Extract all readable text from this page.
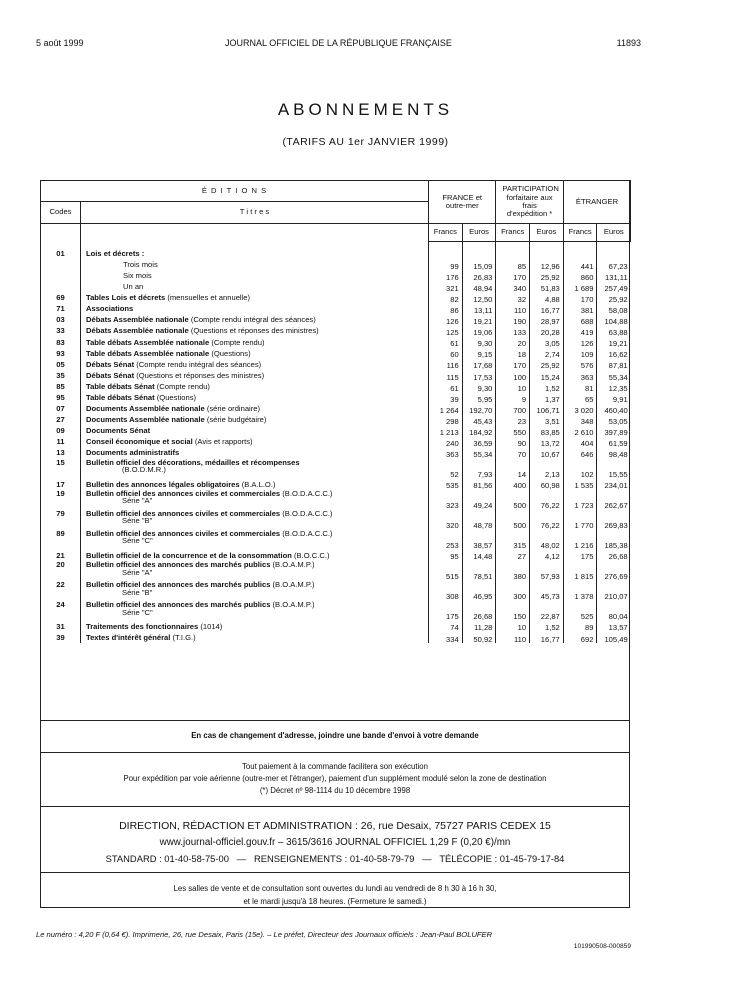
5 août 1999	JOURNAL OFFICIEL DE LA RÉPUBLIQUE FRANÇAISE	11893
ABONNEMENTS
(TARIFS AU 1er JANVIER 1999)
É D I T I O N S		FRANCE et outre-mer		PARTICIPATION forfaitaire aux frais d'expédition *		ÉTRANGER	
Codes	T i t r e s						
		Francs	Euros	Francs	Euros	Francs	Euros

01	Lois et décrets :						
	Trois mois	99	15,09	85	12,96	441	67,23
	Six mois	176	26,83	170	25,92	860	131,11
	Un an	321	48,94	340	51,83	1 689	257,49
69	Tables Lois et décrets (mensuelles et annuelle)	82	12,50	32	4,88	170	25,92
71	Associations	86	13,11	110	16,77	381	58,08
03	Débats Assemblée nationale (Compte rendu intégral des séances)	126	19,21	190	28,97	688	104,88
33	Débats Assemblée nationale (Questions et réponses des ministres)	125	19,06	133	20,28	419	63,88
83	Table débats Assemblée nationale (Compte rendu)	61	9,30	20	3,05	126	19,21
93	Table débats Assemblée nationale (Questions)	60	9,15	18	2,74	109	16,62
05	Débats Sénat (Compte rendu intégral des séances)	116	17,68	170	25,92	576	87,81
35	Débats Sénat (Questions et réponses des ministres)	115	17,53	100	15,24	363	55,34
85	Table débats Sénat (Compte rendu)	61	9,30	10	1,52	81	12,35
95	Table débats Sénat (Questions)	39	5,95	9	1,37	65	9,91
07	Documents Assemblée nationale (série ordinaire)	1 264	192,70	700	106,71	3 020	460,40
27	Documents Assemblée nationale (série budgétaire)	298	45,43	23	3,51	348	53,05
09	Documents Sénat	1 213	184,92	550	83,85	2 610	397,89
11	Conseil économique et social (Avis et rapports)	240	36,59	90	13,72	404	61,59
13	Documents administratifs	363	55,34	70	10,67	646	98,48
15	Bulletin officiel des décorations, médailles et récompenses
(B.O.D.M.R.)	52	7,93	14	2,13	102	15,55
17	Bulletin des annonces légales obligatoires (B.A.L.O.)	535	81,56	400	60,98	1 535	234,01
19	Bulletin officiel des annonces civiles et commerciales (B.O.D.A.C.C.)
Série "A"	323	49,24	500	76,22	1 723	262,67
79	Bulletin officiel des annonces civiles et commerciales (B.O.D.A.C.C.)
Série "B"	320	48,78	500	76,22	1 770	269,83
89	Bulletin officiel des annonces civiles et commerciales (B.O.D.A.C.C.)
Série "C"	253	38,57	315	48,02	1 216	185,38
21	Bulletin officiel de la concurrence et de la consommation (B.O.C.C.)	95	14,48	27	4,12	175	26,68
20	Bulletin officiel des annonces des marchés publics (B.O.A.M.P.)
Série "A"	515	78,51	380	57,93	1 815	276,69
22	Bulletin officiel des annonces des marchés publics (B.O.A.M.P.)
Série "B"	308	46,95	300	45,73	1 378	210,07
24	Bulletin officiel des annonces des marchés publics (B.O.A.M.P.)
Série "C"	175	26,68	150	22,87	525	80,04
31	Traitements des fonctionnaires (1014)	74	11,28	10	1,52	89	13,57
39	Textes d'intérêt général (T.I.G.)	334	50,92	110	16,77	692	105,49
En cas de changement d'adresse, joindre une bande d'envoi à votre demande
Tout paiement à la commande facilitera son exécution
Pour expédition par voie aérienne (outre-mer et l'étranger), paiement d'un supplément modulé selon la zone de destination
(*) Décret nº 98-1114 du 10 décembre 1998
DIRECTION, RÉDACTION ET ADMINISTRATION : 26, rue Desaix, 75727 PARIS CEDEX 15
www.journal-officiel.gouv.fr – 3615/3616 JOURNAL OFFICIEL 1,29 F (0,20 €)/mn
STANDARD : 01-40-58-75-00 — RENSEIGNEMENTS : 01-40-58-79-79 — TÉLÉCOPIE : 01-45-79-17-84
Les salles de vente et de consultation sont ouvertes du lundi au vendredi de 8 h 30 à 16 h 30,
et le mardi jusqu'à 18 heures. (Fermeture le samedi.)
Le numéro : 4,20 F (0,64 €). Imprimerie, 26, rue Desaix, Paris (15e). – Le préfet, Directeur des Journaux officiels : Jean-Paul BOLUFER
101990508-000859
